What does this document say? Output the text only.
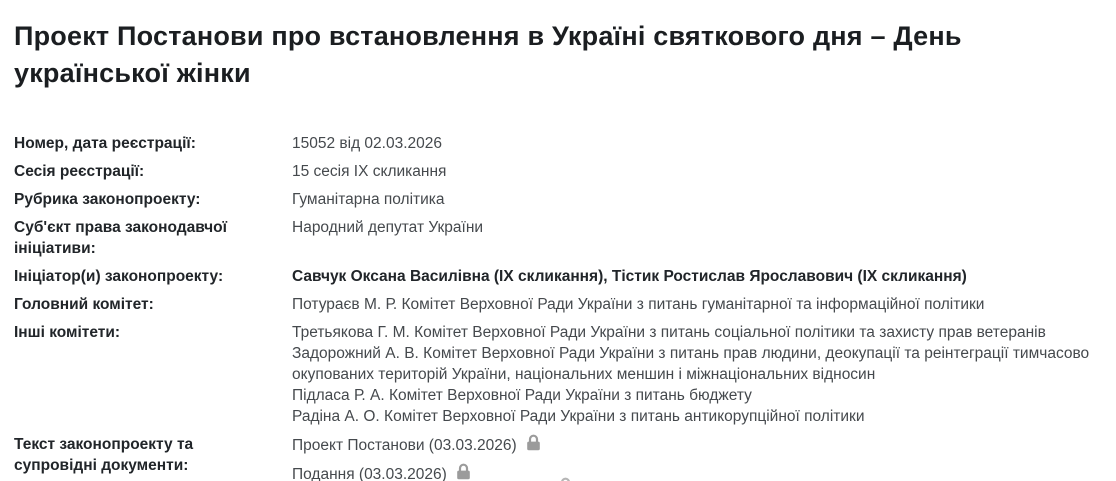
Проект Постанови про встановлення в Україні святкового дня – День української жінки
Номер, дата реєстрації:	15052 від 02.03.2026
Сесія реєстрації:	15 сесія IX скликання
Рубрика законопроекту:	Гуманітарна політика
Суб'єкт права законодавчої ініціативи:
Народний депутат України
Ініціатор(и) законопроекту:	Савчук Оксана Василівна (IX скликання), Тістик Ростислав Ярославович (IX скликання)
Головний комітет:	Потураєв М. Р. Комітет Верховної Ради України з питань гуманітарної та інформаційної політики
Інші комітети:	Третьякова Г. М. Комітет Верховної Ради України з питань соціальної політики та захисту прав ветеранів
Задорожний А. В. Комітет Верховної Ради України з питань прав людини, деокупації та реінтеграції тимчасово окупованих територій України, національних меншин і міжнаціональних відносин
Підласа Р. А. Комітет Верховної Ради України з питань бюджету
Радіна А. О. Комітет Верховної Ради України з питань антикорупційної політики
Текст законопроекту та супровідні документи:
Проект Постанови (03.03.2026)
Подання (03.03.2026)
